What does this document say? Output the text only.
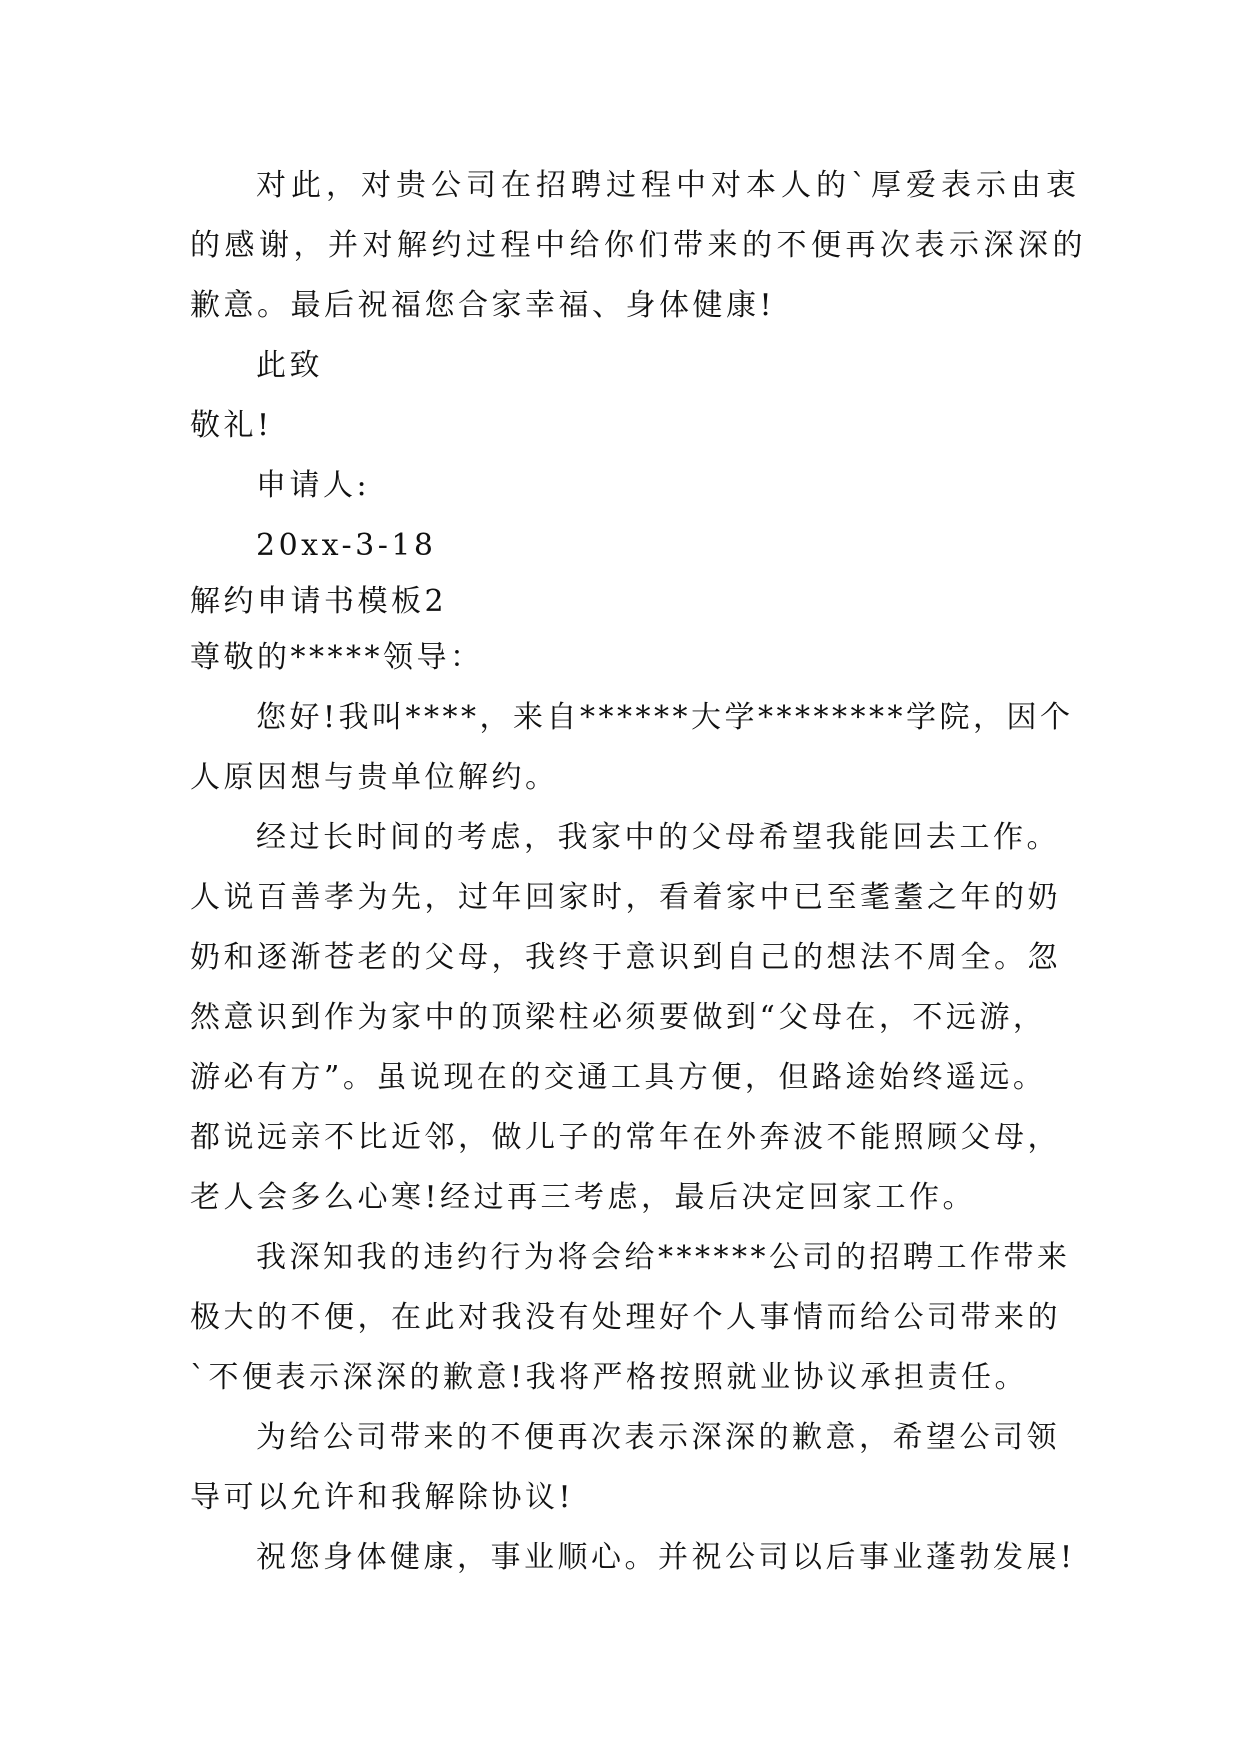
对此，对贵公司在招聘过程中对本人的`厚爱表示由衷
的感谢，并对解约过程中给你们带来的不便再次表示深深的
歉意。最后祝福您合家幸福、身体健康!
此致
敬礼!
申请人:
20xx-3-18
解约申请书模板2
尊敬的*****领导：
您好!我叫****，来自******大学********学院，因个
人原因想与贵单位解约。
经过长时间的考虑，我家中的父母希望我能回去工作。
人说百善孝为先，过年回家时，看着家中已至耄耋之年的奶
奶和逐渐苍老的父母，我终于意识到自己的想法不周全。忽
然意识到作为家中的顶梁柱必须要做到“父母在，不远游，
游必有方”。虽说现在的交通工具方便，但路途始终遥远。
都说远亲不比近邻，做儿子的常年在外奔波不能照顾父母，
老人会多么心寒!经过再三考虑，最后决定回家工作。
我深知我的违约行为将会给******公司的招聘工作带来
极大的不便，在此对我没有处理好个人事情而给公司带来的
`不便表示深深的歉意!我将严格按照就业协议承担责任。
为给公司带来的不便再次表示深深的歉意，希望公司领
导可以允许和我解除协议!
祝您身体健康，事业顺心。并祝公司以后事业蓬勃发展!
